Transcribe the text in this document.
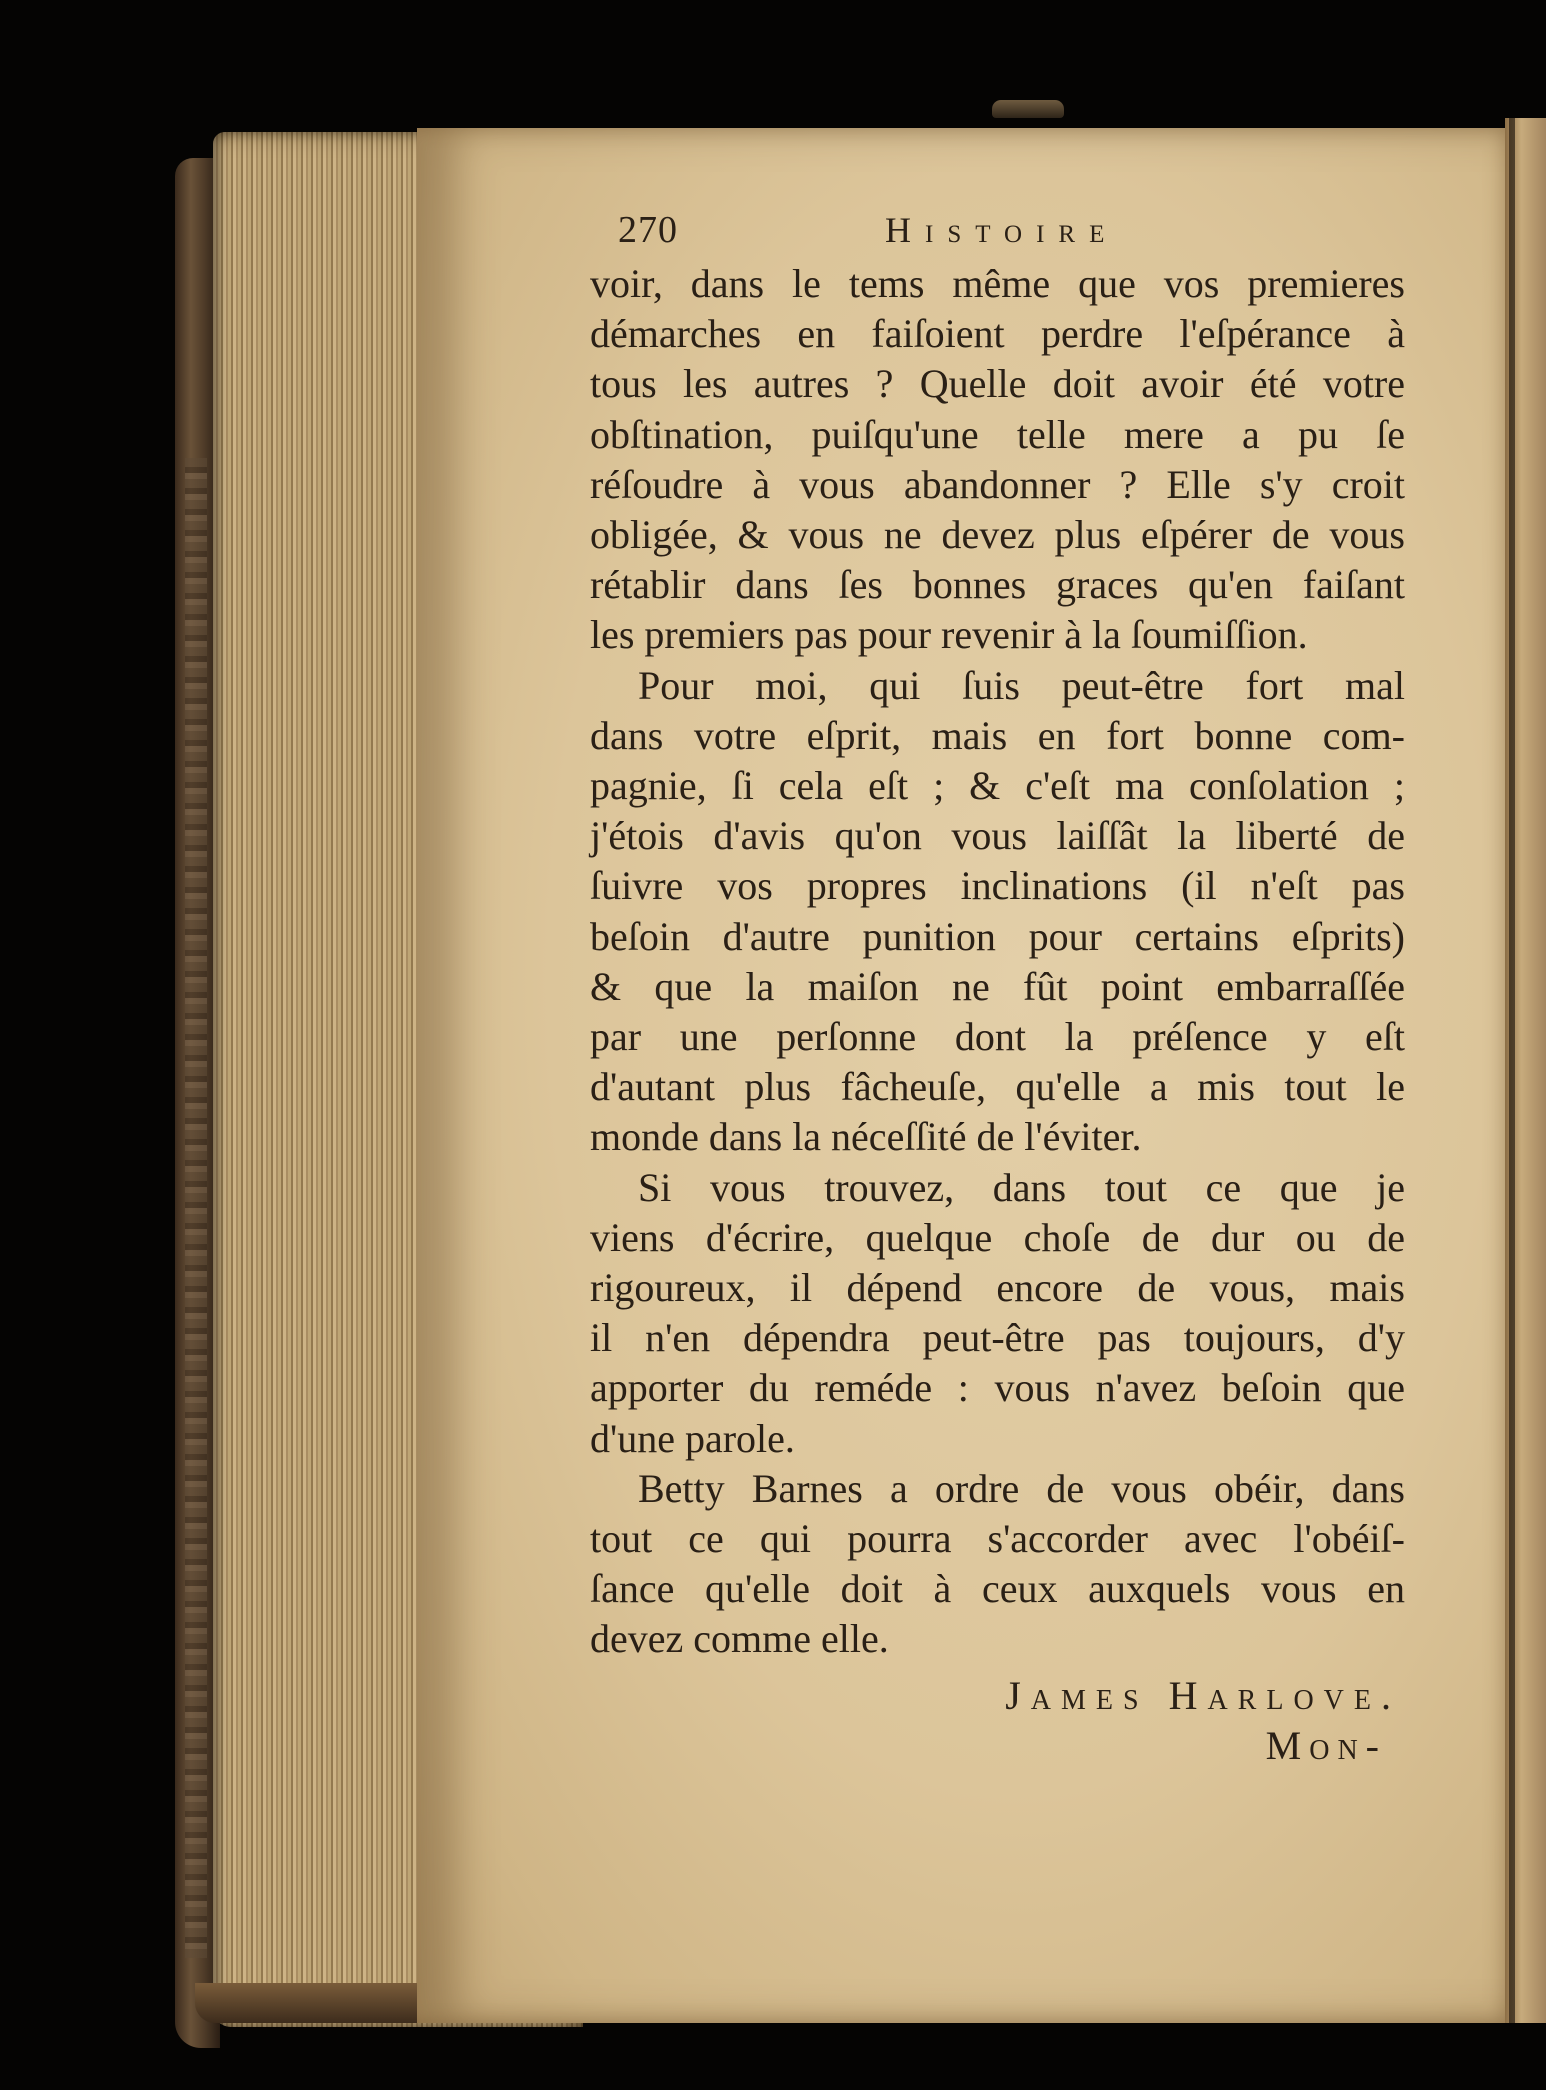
270	Histoire
voir, dans le tems même que vos premieres
démarches en faiſoient perdre l'eſpérance à
tous les autres ? Quelle doit avoir été votre
obſtination, puiſqu'une telle mere a pu ſe
réſoudre à vous abandonner ? Elle s'y croit
obligée, & vous ne devez plus eſpérer de vous
rétablir dans ſes bonnes graces qu'en faiſant
les premiers pas pour revenir à la ſoumiſſion.
Pour moi, qui ſuis peut-être fort mal
dans votre eſprit, mais en fort bonne com-
pagnie, ſi cela eſt ; & c'eſt ma conſolation ;
j'étois d'avis qu'on vous laiſſât la liberté de
ſuivre vos propres inclinations (il n'eſt pas
beſoin d'autre punition pour certains eſprits)
& que la maiſon ne fût point embarraſſée
par une perſonne dont la préſence y eſt
d'autant plus fâcheuſe, qu'elle a mis tout le
monde dans la néceſſité de l'éviter.
Si vous trouvez, dans tout ce que je
viens d'écrire, quelque choſe de dur ou de
rigoureux, il dépend encore de vous, mais
il n'en dépendra peut-être pas toujours, d'y
apporter du reméde : vous n'avez beſoin que
d'une parole.
Betty Barnes a ordre de vous obéir, dans
tout ce qui pourra s'accorder avec l'obéiſ-
ſance qu'elle doit à ceux auxquels vous en
devez comme elle.
James Harlove.
Mon-
